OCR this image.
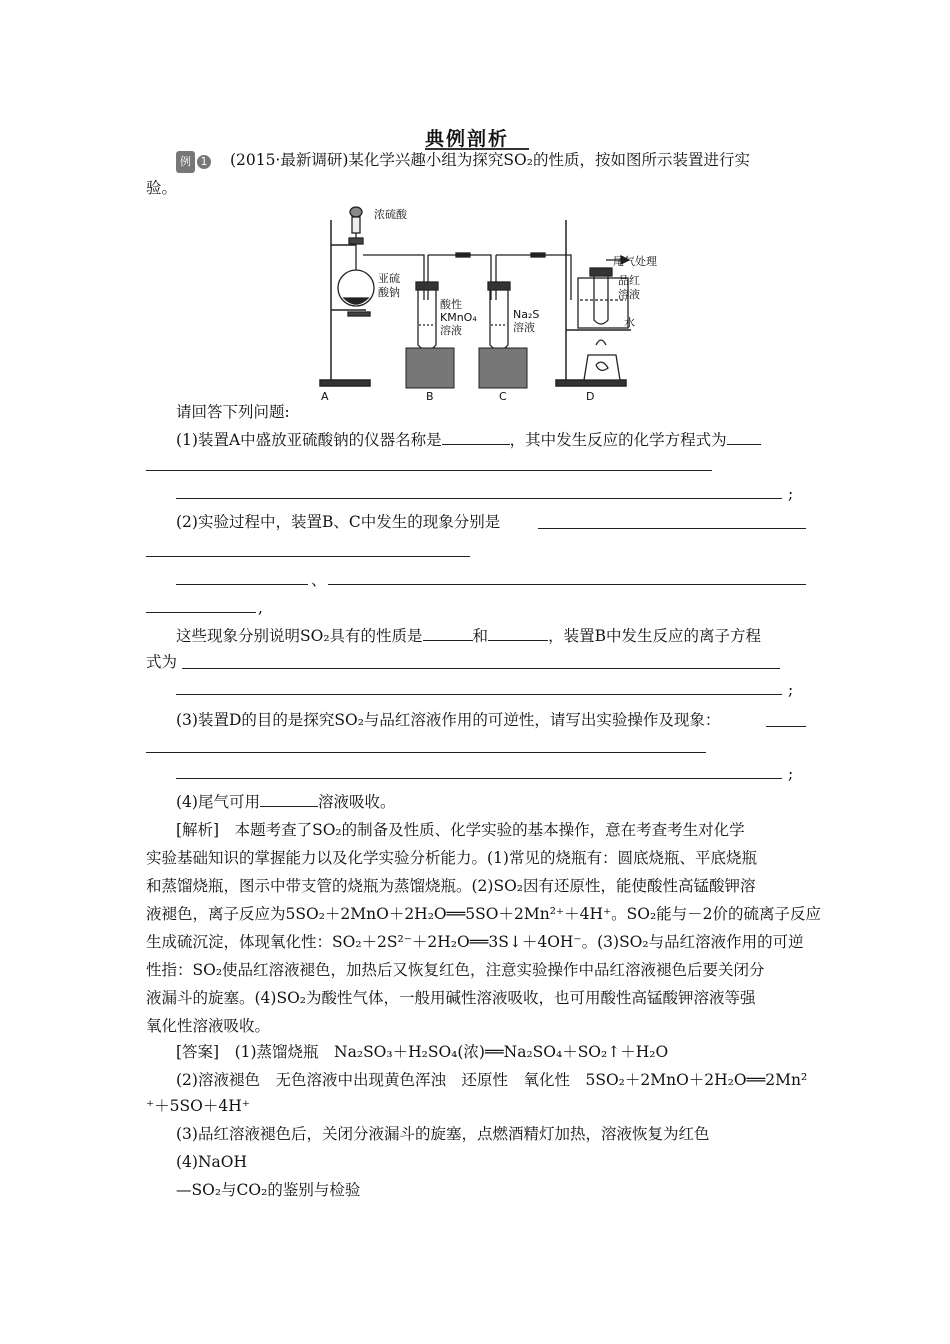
典例剖析
例 1 (2015·最新调研)某化学兴趣小组为探究SO₂的性质，按如图所示装置进行实
验。
浓硫酸
亚硫
酸钠
酸性
KMnO₄
溶液
Na₂S
溶液
尾气处理
品红
溶液
水
A	B	C	D
请回答下列问题:
(1)装置A中盛放亚硫酸钠的仪器名称是	，其中发生反应的化学方程式为
;
(2)实验过程中，装置B、C中发生的现象分别是
、
,
这些现象分别说明SO₂具有的性质是	和	，装置B中发生反应的离子方程
式为
;
(3)装置D的目的是探究SO₂与品红溶液作用的可逆性，请写出实验操作及现象：
;
(4)尾气可用	溶液吸收。
[解析]　本题考查了SO₂的制备及性质、化学实验的基本操作，意在考查考生对化学
实验基础知识的掌握能力以及化学实验分析能力。(1)常见的烧瓶有：圆底烧瓶、平底烧瓶
和蒸馏烧瓶，图示中带支管的烧瓶为蒸馏烧瓶。(2)SO₂因有还原性，能使酸性高锰酸钾溶
液褪色，离子反应为5SO₂＋2MnO＋2H₂O══5SO＋2Mn²⁺＋4H⁺。SO₂能与－2价的硫离子反应
生成硫沉淀，体现氧化性：SO₂＋2S²⁻＋2H₂O══3S↓＋4OH⁻。(3)SO₂与品红溶液作用的可逆
性指：SO₂使品红溶液褪色，加热后又恢复红色，注意实验操作中品红溶液褪色后要关闭分
液漏斗的旋塞。(4)SO₂为酸性气体，一般用碱性溶液吸收，也可用酸性高锰酸钾溶液等强
氧化性溶液吸收。
[答案]　(1)蒸馏烧瓶　Na₂SO₃＋H₂SO₄(浓)══Na₂SO₄＋SO₂↑＋H₂O
(2)溶液褪色　无色溶液中出现黄色浑浊　还原性　氧化性　5SO₂＋2MnO＋2H₂O══2Mn²
⁺＋5SO＋4H⁺
(3)品红溶液褪色后，关闭分液漏斗的旋塞，点燃酒精灯加热，溶液恢复为红色
(4)NaOH
—SO₂与CO₂的鉴别与检验
